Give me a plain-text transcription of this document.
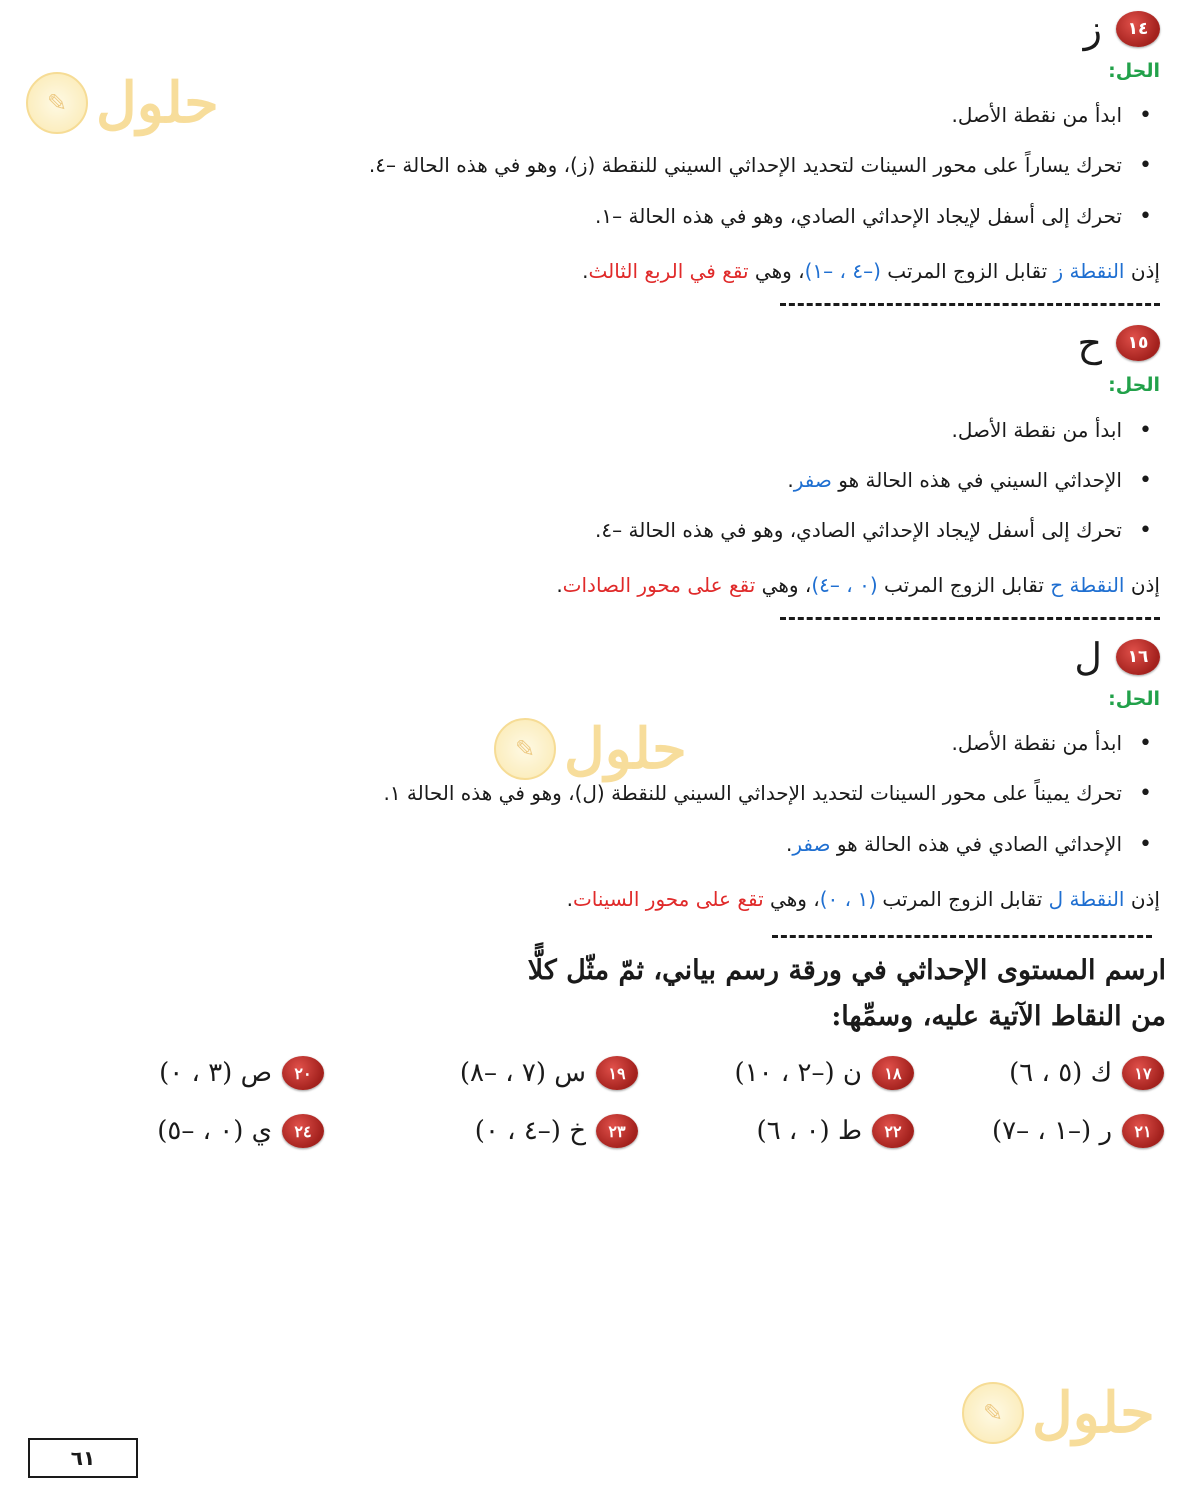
حلول
✎
حلول
✎
حلول
✎
١٤
ز
الحل:
ابدأ من نقطة الأصل. •
تحرك يساراً على محور السينات لتحديد الإحداثي السيني للنقطة (ز)، وهو في هذه الحالة –٤. •
تحرك إلى أسفل لإيجاد الإحداثي الصادي، وهو في هذه الحالة –١. •
إذن النقطة ز تقابل الزوج المرتب (–٤ ، –١)، وهي تقع في الربع الثالث.
١٥
ح
الحل:
ابدأ من نقطة الأصل. •
الإحداثي السيني في هذه الحالة هو صفر. •
تحرك إلى أسفل لإيجاد الإحداثي الصادي، وهو في هذه الحالة –٤. •
إذن النقطة ح تقابل الزوج المرتب (٠ ، –٤)، وهي تقع على محور الصادات.
١٦
ل
الحل:
ابدأ من نقطة الأصل. •
تحرك يميناً على محور السينات لتحديد الإحداثي السيني للنقطة (ل)، وهو في هذه الحالة ١. •
الإحداثي الصادي في هذه الحالة هو صفر. •
إذن النقطة ل تقابل الزوج المرتب (١ ، ٠)، وهي تقع على محور السينات.
ارسم المستوى الإحداثي في ورقة رسم بياني، ثمّ مثّل كلًّا
من النقاط الآتية عليه، وسمِّها:
١٧
ك (٥ ، ٦)
١٨
ن (–٢ ، ١٠)
١٩
س (٧ ، –٨)
٢٠
ص (٣ ، ٠)
٢١
ر (–١ ، –٧)
٢٢
ط (٠ ، ٦)
٢٣
خ (–٤ ، ٠)
٢٤
ي (٠ ، –٥)
٦١
